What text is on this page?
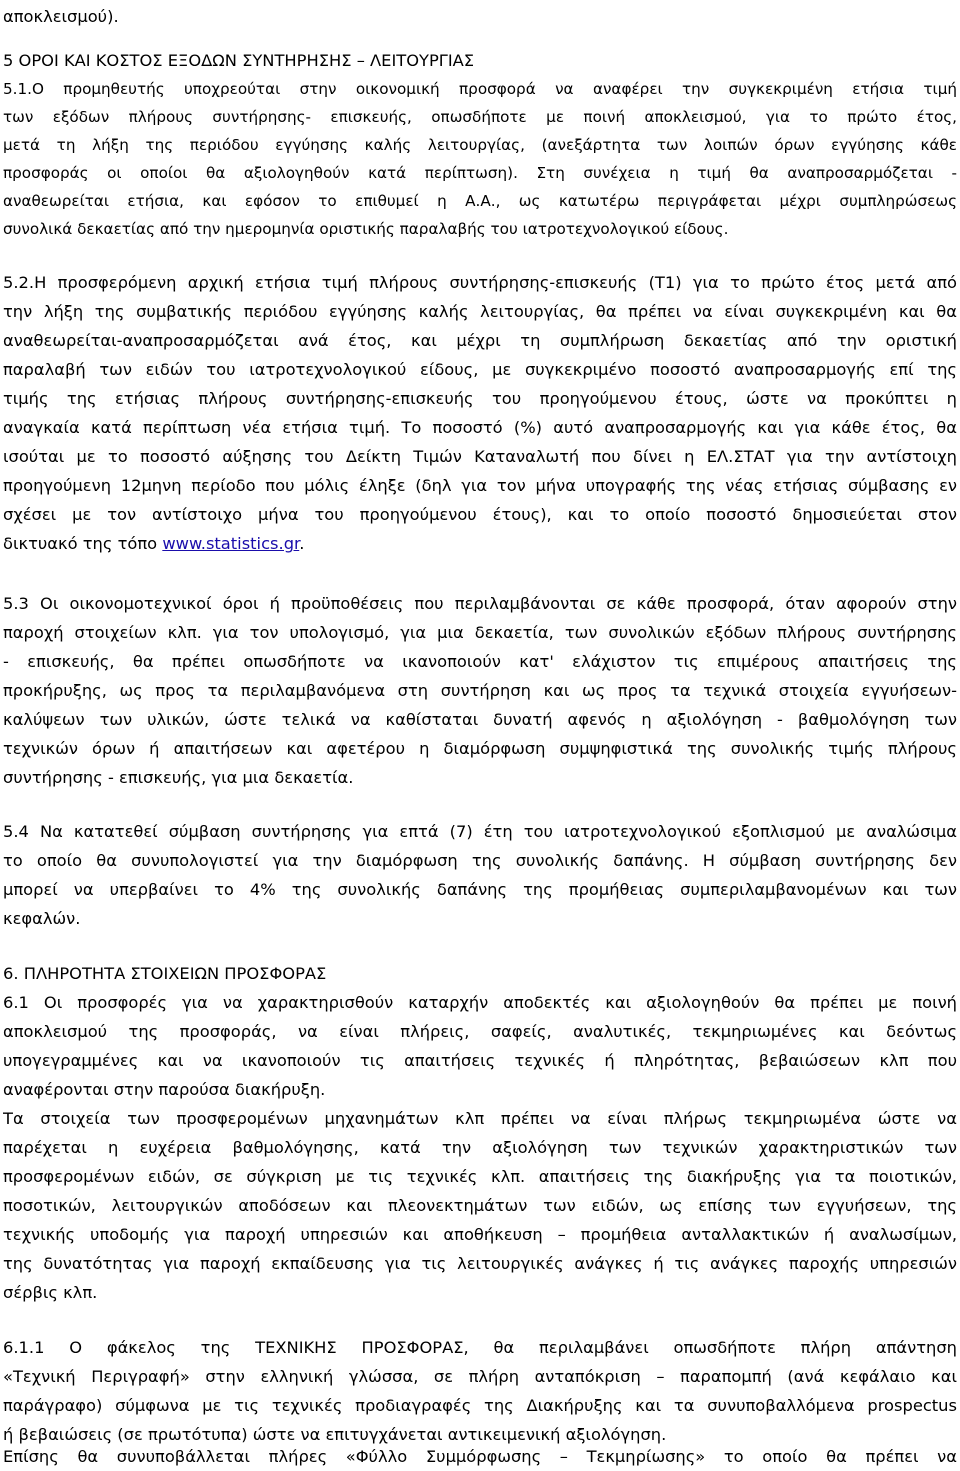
αποκλεισμού).
5 ΟΡΟΙ ΚΑΙ ΚΟΣΤΟΣ ΕΞΟΔΩΝ ΣΥΝΤΗΡΗΣΗΣ – ΛΕΙΤΟΥΡΓΙΑΣ
5.1.Ο προμηθευτής υποχρεούται στην οικονομική προσφορά να αναφέρει την συγκεκριμένη ετήσια τιμή
των εξόδων πλήρους συντήρησης- επισκευής, οπωσδήποτε με ποινή αποκλεισμού, για το πρώτο έτος,
μετά τη λήξη της περιόδου εγγύησης καλής λειτουργίας, (ανεξάρτητα των λοιπών όρων εγγύησης κάθε
προσφοράς οι οποίοι θα αξιολογηθούν κατά περίπτωση). Στη συνέχεια η τιμή θα αναπροσαρμόζεται -
αναθεωρείται ετήσια, και εφόσον το επιθυμεί η Α.Α., ως κατωτέρω περιγράφεται μέχρι συμπληρώσεως
συνολικά δεκαετίας από την ημερομηνία οριστικής παραλαβής του ιατροτεχνολογικού είδους.
5.2.Η προσφερόμενη αρχική ετήσια τιμή πλήρους συντήρησης-επισκευής (Τ1) για το πρώτο έτος μετά από
την λήξη της συμβατικής περιόδου εγγύησης καλής λειτουργίας, θα πρέπει να είναι συγκεκριμένη και θα
αναθεωρείται-αναπροσαρμόζεται ανά έτος, και μέχρι τη συμπλήρωση δεκαετίας από την οριστική
παραλαβή των ειδών του ιατροτεχνολογικού είδους, με συγκεκριμένο ποσοστό αναπροσαρμογής επί της
τιμής της ετήσιας πλήρους συντήρησης-επισκευής του προηγούμενου έτους, ώστε να προκύπτει η
αναγκαία κατά περίπτωση νέα ετήσια τιμή. Το ποσοστό (%) αυτό αναπροσαρμογής και για κάθε έτος, θα
ισούται με το ποσοστό αύξησης του Δείκτη Τιμών Καταναλωτή που δίνει η ΕΛ.ΣΤΑΤ για την αντίστοιχη
προηγούμενη 12μηνη περίοδο που μόλις έληξε (δηλ για τον μήνα υπογραφής της νέας ετήσιας σύμβασης εν
σχέσει με τον αντίστοιχο μήνα του προηγούμενου έτους), και το οποίο ποσοστό δημοσιεύεται στον
δικτυακό της τόπο www.statistics.gr.
5.3 Οι οικονομοτεχνικοί όροι ή προϋποθέσεις που περιλαμβάνονται σε κάθε προσφορά, όταν αφορούν στην
παροχή στοιχείων κλπ. για τον υπολογισμό, για μια δεκαετία, των συνολικών εξόδων πλήρους συντήρησης
- επισκευής, θα πρέπει οπωσδήποτε να ικανοποιούν κατ' ελάχιστον τις επιμέρους απαιτήσεις της
προκήρυξης, ως προς τα περιλαμβανόμενα στη συντήρηση και ως προς τα τεχνικά στοιχεία εγγυήσεων-
καλύψεων των υλικών, ώστε τελικά να καθίσταται δυνατή αφενός η αξιολόγηση - βαθμολόγηση των
τεχνικών όρων ή απαιτήσεων και αφετέρου η διαμόρφωση συμψηφιστικά της συνολικής τιμής πλήρους
συντήρησης - επισκευής, για μια δεκαετία.
5.4 Να κατατεθεί σύμβαση συντήρησης για επτά (7) έτη του ιατροτεχνολογικού εξοπλισμού με αναλώσιμα
το οποίο θα συνυπολογιστεί για την διαμόρφωση της συνολικής δαπάνης. Η σύμβαση συντήρησης δεν
μπορεί να υπερβαίνει το 4% της συνολικής δαπάνης της προμήθειας συμπεριλαμβανομένων και των
κεφαλών.
6. ΠΛΗΡΟΤΗΤΑ ΣΤΟΙΧΕΙΩΝ ΠΡΟΣΦΟΡΑΣ
6.1 Οι προσφορές για να χαρακτηρισθούν καταρχήν αποδεκτές και αξιολογηθούν θα πρέπει με ποινή
αποκλεισμού της προσφοράς, να είναι πλήρεις, σαφείς, αναλυτικές, τεκμηριωμένες και δεόντως
υπογεγραμμένες και να ικανοποιούν τις απαιτήσεις τεχνικές ή πληρότητας, βεβαιώσεων κλπ που
αναφέρονται στην παρούσα διακήρυξη.
Τα στοιχεία των προσφερομένων μηχανημάτων κλπ πρέπει να είναι πλήρως τεκμηριωμένα ώστε να
παρέχεται η ευχέρεια βαθμολόγησης, κατά την αξιολόγηση των τεχνικών χαρακτηριστικών των
προσφερομένων ειδών, σε σύγκριση με τις τεχνικές κλπ. απαιτήσεις της διακήρυξης για τα ποιοτικών,
ποσοτικών, λειτουργικών αποδόσεων και πλεονεκτημάτων των ειδών, ως επίσης των εγγυήσεων, της
τεχνικής υποδομής για παροχή υπηρεσιών και αποθήκευση – προμήθεια ανταλλακτικών ή αναλωσίμων,
της δυνατότητας για παροχή εκπαίδευσης για τις λειτουργικές ανάγκες ή τις ανάγκες παροχής υπηρεσιών
σέρβις κλπ.
6.1.1 Ο φάκελος της ΤΕΧΝΙΚΗΣ ΠΡΟΣΦΟΡΑΣ, θα περιλαμβάνει οπωσδήποτε πλήρη απάντηση
«Τεχνική Περιγραφή» στην ελληνική γλώσσα, σε πλήρη ανταπόκριση – παραπομπή (ανά κεφάλαιο και
παράγραφο) σύμφωνα με τις τεχνικές προδιαγραφές της Διακήρυξης και τα συνυποβαλλόμενα prospectus
ή βεβαιώσεις (σε πρωτότυπα) ώστε να επιτυγχάνεται αντικειμενική αξιολόγηση.
Επίσης θα συνυποβάλλεται πλήρες «Φύλλο Συμμόρφωσης – Τεκμηρίωσης» το οποίο θα πρέπει να
